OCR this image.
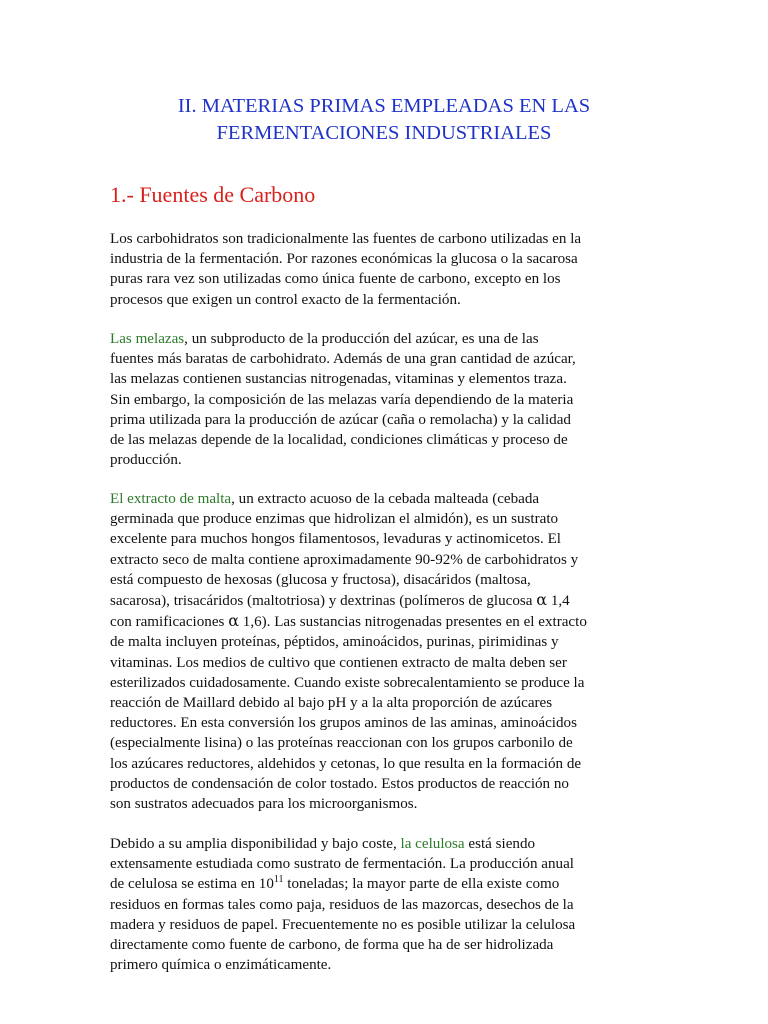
II. MATERIAS PRIMAS EMPLEADAS EN LAS
FERMENTACIONES INDUSTRIALES
1.- Fuentes de Carbono

Los carbohidratos son tradicionalmente las fuentes de carbono utilizadas en la
industria de la fermentación. Por razones económicas la glucosa o la sacarosa
puras rara vez son utilizadas como única fuente de carbono, excepto en los
procesos que exigen un control exacto de la fermentación.

Las melazas, un subproducto de la producción del azúcar, es una de las
fuentes más baratas de carbohidrato. Además de una gran cantidad de azúcar,
las melazas contienen sustancias nitrogenadas, vitaminas y elementos traza.
Sin embargo, la composición de las melazas varía dependiendo de la materia
prima utilizada para la producción de azúcar (caña o remolacha) y la calidad
de las melazas depende de la localidad, condiciones climáticas y proceso de
producción.

El extracto de malta, un extracto acuoso de la cebada malteada (cebada
germinada que produce enzimas que hidrolizan el almidón), es un sustrato
excelente para muchos hongos filamentosos, levaduras y actinomicetos. El
extracto seco de malta contiene aproximadamente 90-92% de carbohidratos y
está compuesto de hexosas (glucosa y fructosa), disacáridos (maltosa,
sacarosa), trisacáridos (maltotriosa) y dextrinas (polímeros de glucosa α 1,4
con ramificaciones α 1,6). Las sustancias nitrogenadas presentes en el extracto
de malta incluyen proteínas, péptidos, aminoácidos, purinas, pirimidinas y
vitaminas. Los medios de cultivo que contienen extracto de malta deben ser
esterilizados cuidadosamente. Cuando existe sobrecalentamiento se produce la
reacción de Maillard debido al bajo pH y a la alta proporción de azúcares
reductores. En esta conversión los grupos aminos de las aminas, aminoácidos
(especialmente lisina) o las proteínas reaccionan con los grupos carbonilo de
los azúcares reductores, aldehidos y cetonas, lo que resulta en la formación de
productos de condensación de color tostado. Estos productos de reacción no
son sustratos adecuados para los microorganismos.

Debido a su amplia disponibilidad y bajo coste, la celulosa está siendo
extensamente estudiada como sustrato de fermentación. La producción anual
de celulosa se estima en $10^{11}$ toneladas; la mayor parte de ella existe como
residuos en formas tales como paja, residuos de las mazorcas, desechos de la
madera y residuos de papel. Frecuentemente no es posible utilizar la celulosa
directamente como fuente de carbono, de forma que ha de ser hidrolizada
primero química o enzimáticamente.
